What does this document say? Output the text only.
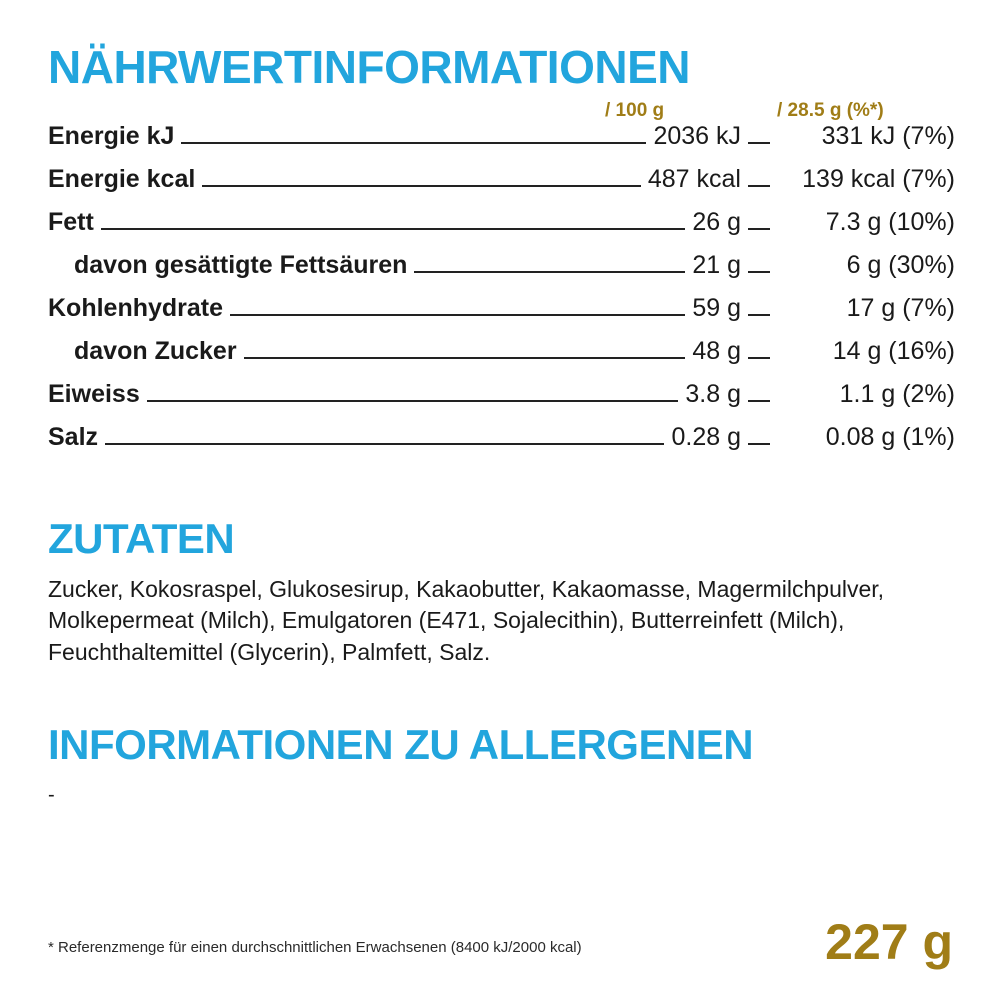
NÄHRWERTINFORMATIONEN
/ 100 g	/ 28.5 g (%*)
Energie kJ	2036 kJ	331 kJ (7%)
Energie kcal	487 kcal	139 kcal (7%)
Fett	26 g	7.3 g (10%)
davon gesättigte Fettsäuren	21 g	6 g (30%)
Kohlenhydrate	59 g	17 g (7%)
davon Zucker	48 g	14 g (16%)
Eiweiss	3.8 g	1.1 g (2%)
Salz	0.28 g	0.08 g (1%)
ZUTATEN
Zucker, Kokosraspel, Glukosesirup, Kakaobutter, Kakaomasse, Magermilchpulver, Molkepermeat (Milch), Emulgatoren (E471, Sojalecithin), Butterreinfett (Milch), Feuchthaltemittel (Glycerin), Palmfett, Salz.
INFORMATIONEN ZU ALLERGENEN
-
* Referenzmenge für einen durchschnittlichen Erwachsenen (8400 kJ/2000 kcal)	227 g
